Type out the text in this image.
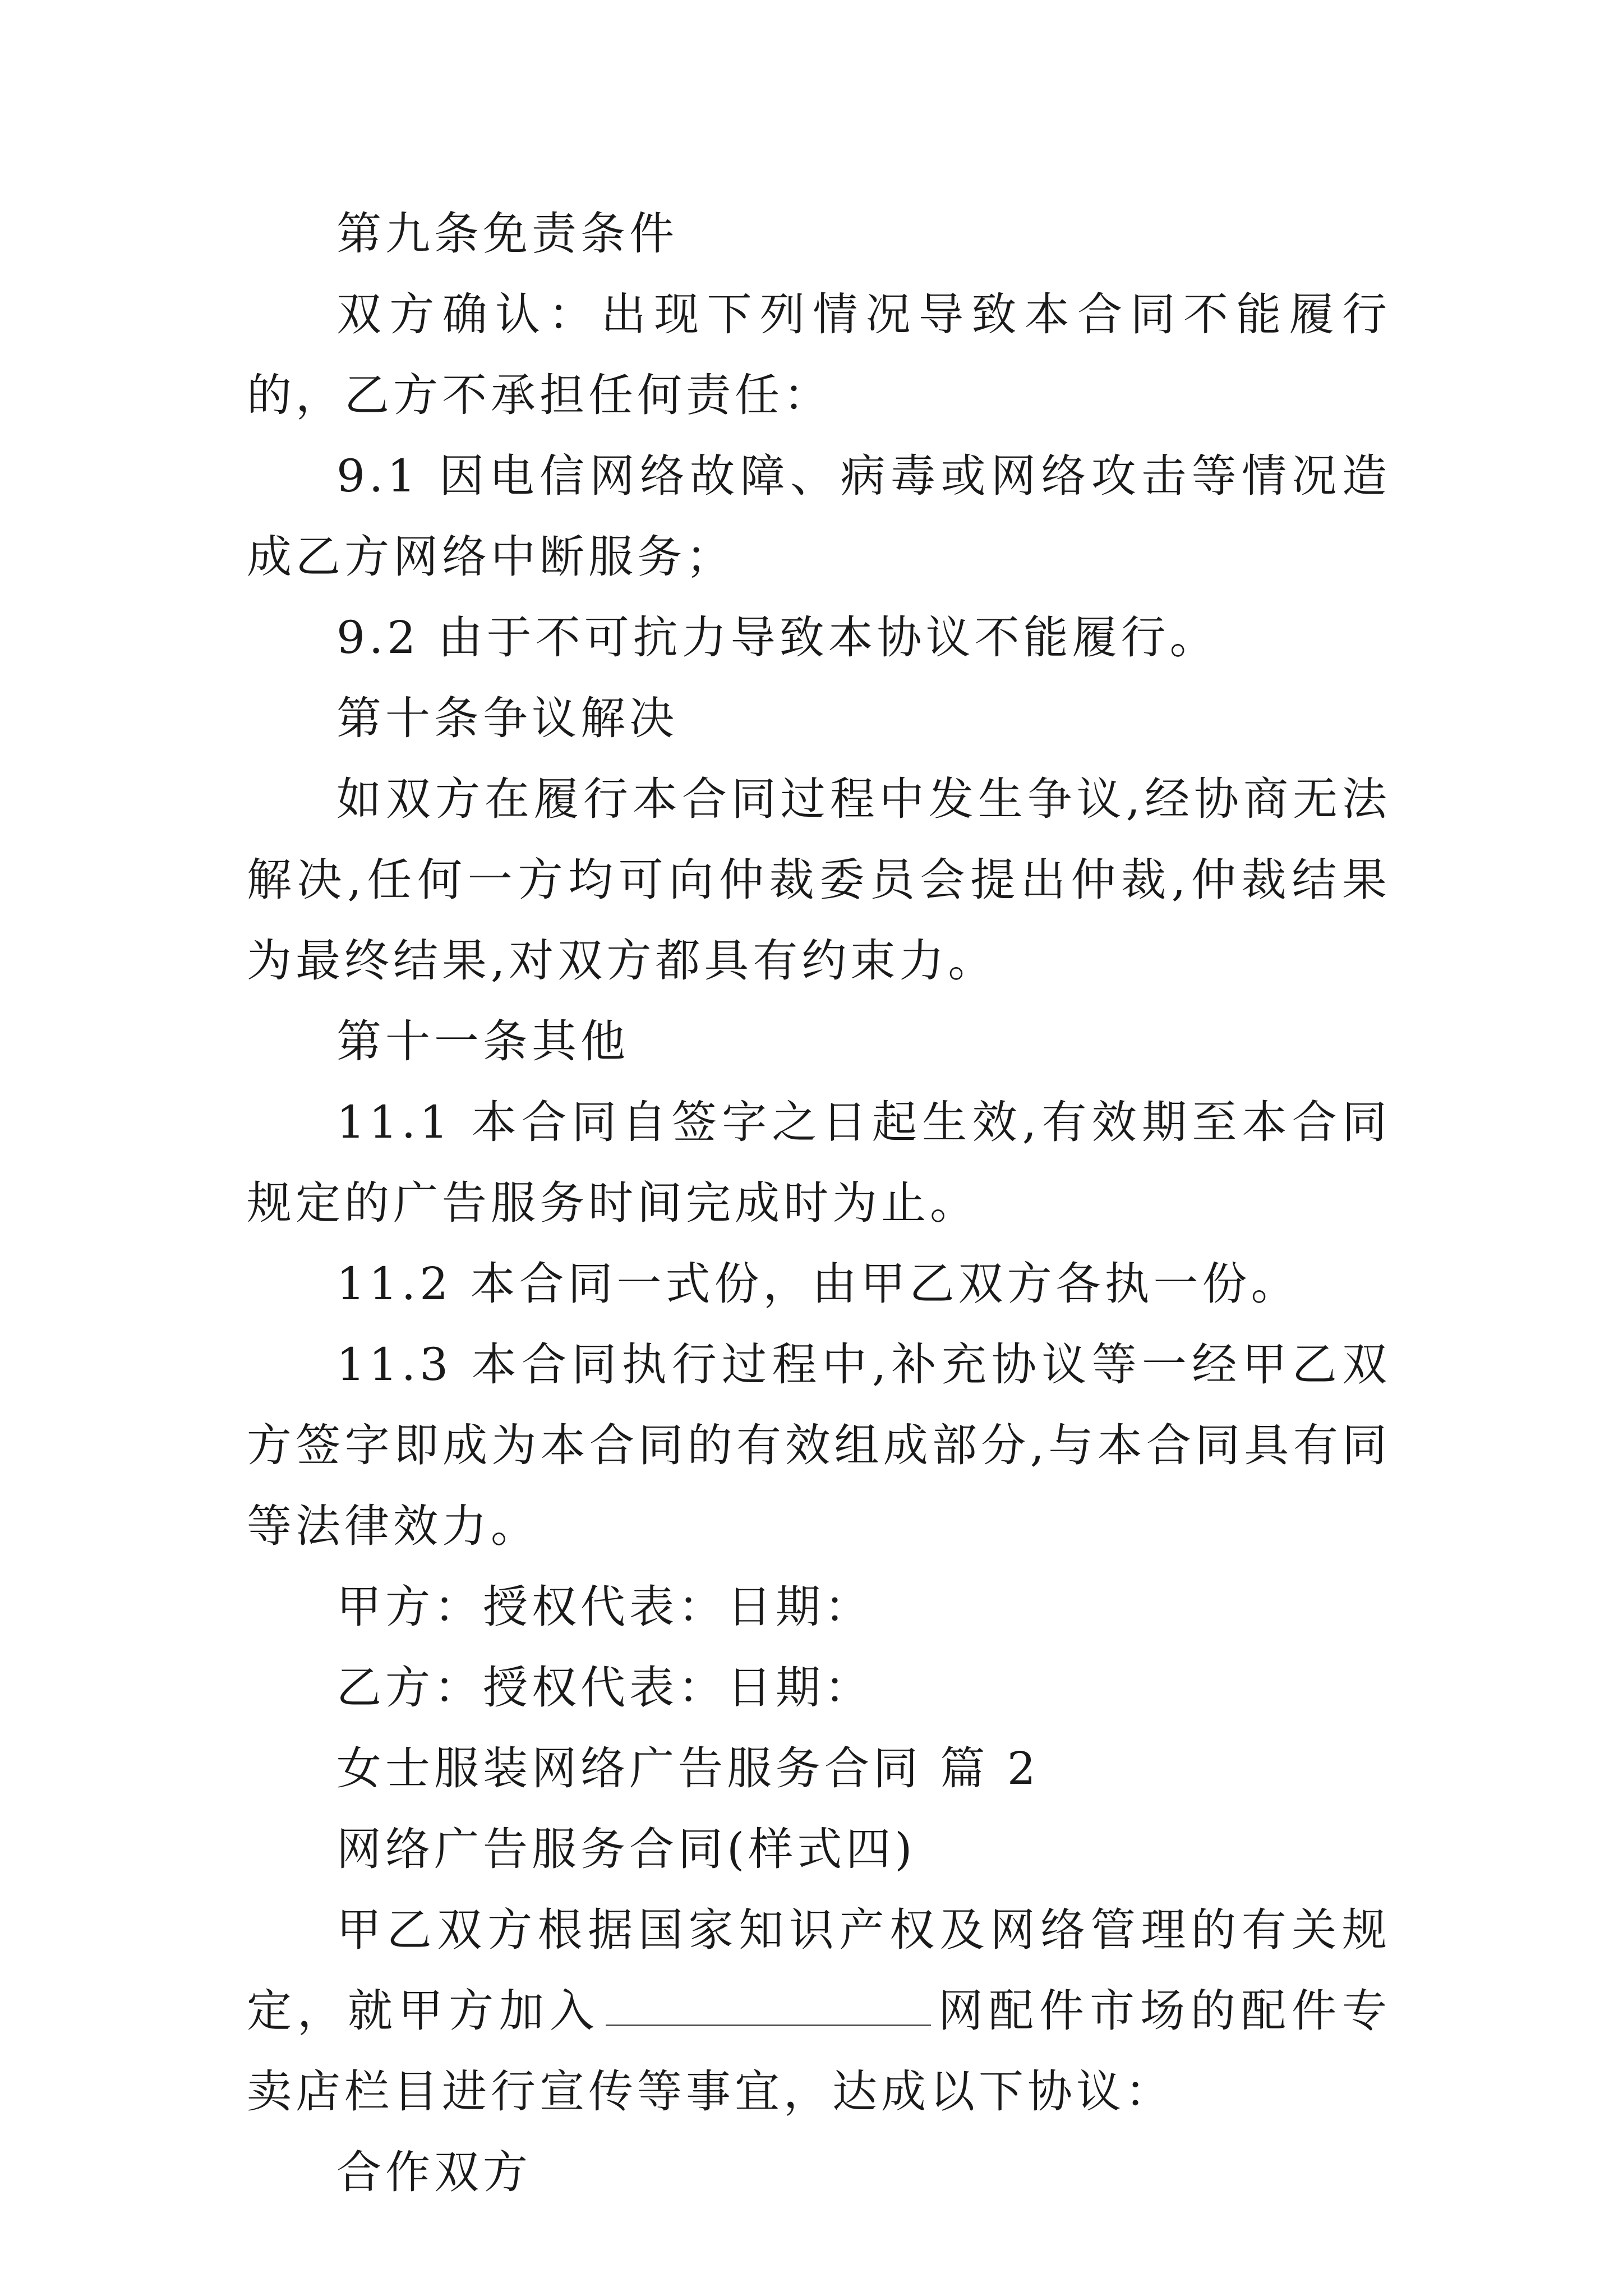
第九条免责条件

双方确认：出现下列情况导致本合同不能履行的，乙方不承担任何责任：

9.1 因电信网络故障、病毒或网络攻击等情况造成乙方网络中断服务；

9.2 由于不可抗力导致本协议不能履行。

第十条争议解决

如双方在履行本合同过程中发生争议,经协商无法解决,任何一方均可向仲裁委员会提出仲裁,仲裁结果为最终结果,对双方都具有约束力。

第十一条其他

11.1 本合同自签字之日起生效,有效期至本合同规定的广告服务时间完成时为止。

11.2 本合同一式份，由甲乙双方各执一份。

11.3 本合同执行过程中,补充协议等一经甲乙双方签字即成为本合同的有效组成部分,与本合同具有同等法律效力。

甲方：授权代表：日期：

乙方：授权代表：日期：

女士服装网络广告服务合同 篇 2

网络广告服务合同(样式四)

甲乙双方根据国家知识产权及网络管理的有关规定，就甲方加入	网配件市场的配件专卖店栏目进行宣传等事宜，达成以下协议：

合作双方
